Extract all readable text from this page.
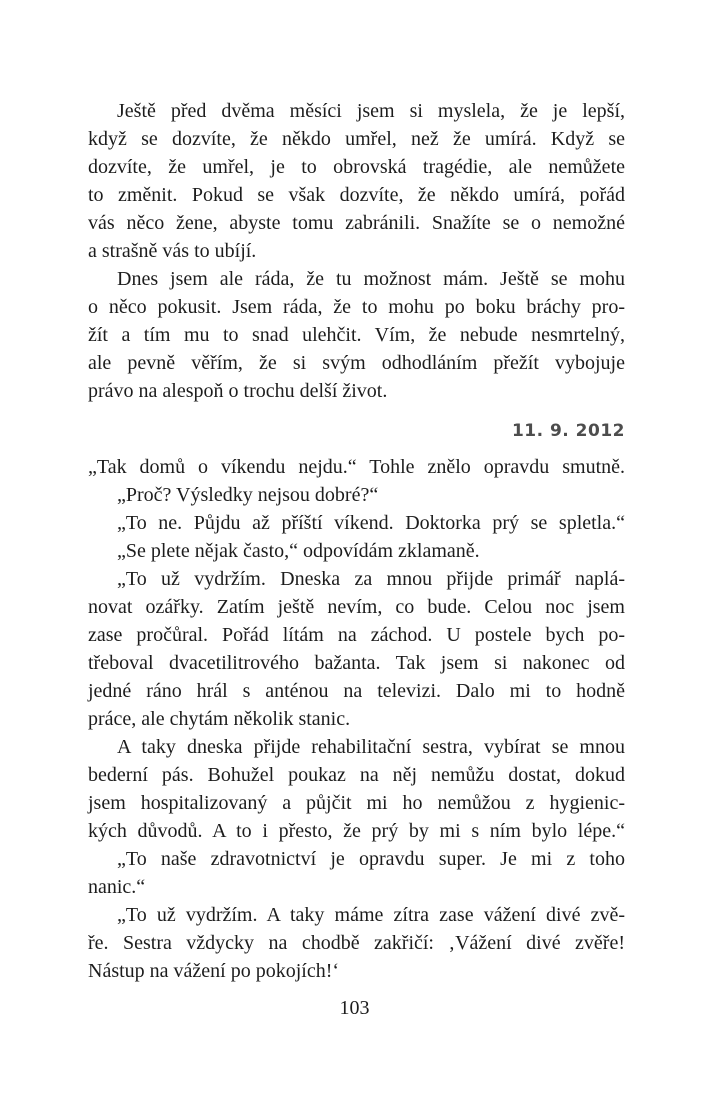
Ještě před dvěma měsíci jsem si myslela, že je lepší,
když se dozvíte, že někdo umřel, než že umírá. Když se
dozvíte, že umřel, je to obrovská tragédie, ale nemůžete
to změnit. Pokud se však dozvíte, že někdo umírá, pořád
vás něco žene, abyste tomu zabránili. Snažíte se o nemožné
a strašně vás to ubíjí.

Dnes jsem ale ráda, že tu možnost mám. Ještě se mohu
o něco pokusit. Jsem ráda, že to mohu po boku bráchy pro-
žít a tím mu to snad ulehčit. Vím, že nebude nesmrtelný,
ale pevně věřím, že si svým odhodláním přežít vybojuje
právo na alespoň o trochu delší život.

11. 9. 2012

„Tak domů o víkendu nejdu.“ Tohle znělo opravdu smutně.

„Proč? Výsledky nejsou dobré?“

„To ne. Půjdu až příští víkend. Doktorka prý se spletla.“

„Se plete nějak často,“ odpovídám zklamaně.

„To už vydržím. Dneska za mnou přijde primář naplá-
novat ozářky. Zatím ještě nevím, co bude. Celou noc jsem
zase pročůral. Pořád lítám na záchod. U postele bych po-
třeboval dvacetilitrového bažanta. Tak jsem si nakonec od
jedné ráno hrál s anténou na televizi. Dalo mi to hodně
práce, ale chytám několik stanic.

A taky dneska přijde rehabilitační sestra, vybírat se mnou
bederní pás. Bohužel poukaz na něj nemůžu dostat, dokud
jsem hospitalizovaný a půjčit mi ho nemůžou z hygienic-
kých důvodů. A to i přesto, že prý by mi s ním bylo lépe.“

„To naše zdravotnictví je opravdu super. Je mi z toho
nanic.“

„To už vydržím. A taky máme zítra zase vážení divé zvě-
ře. Sestra vždycky na chodbě zakřičí: ‚Vážení divé zvěře!
Nástup na vážení po pokojích!‘

103
